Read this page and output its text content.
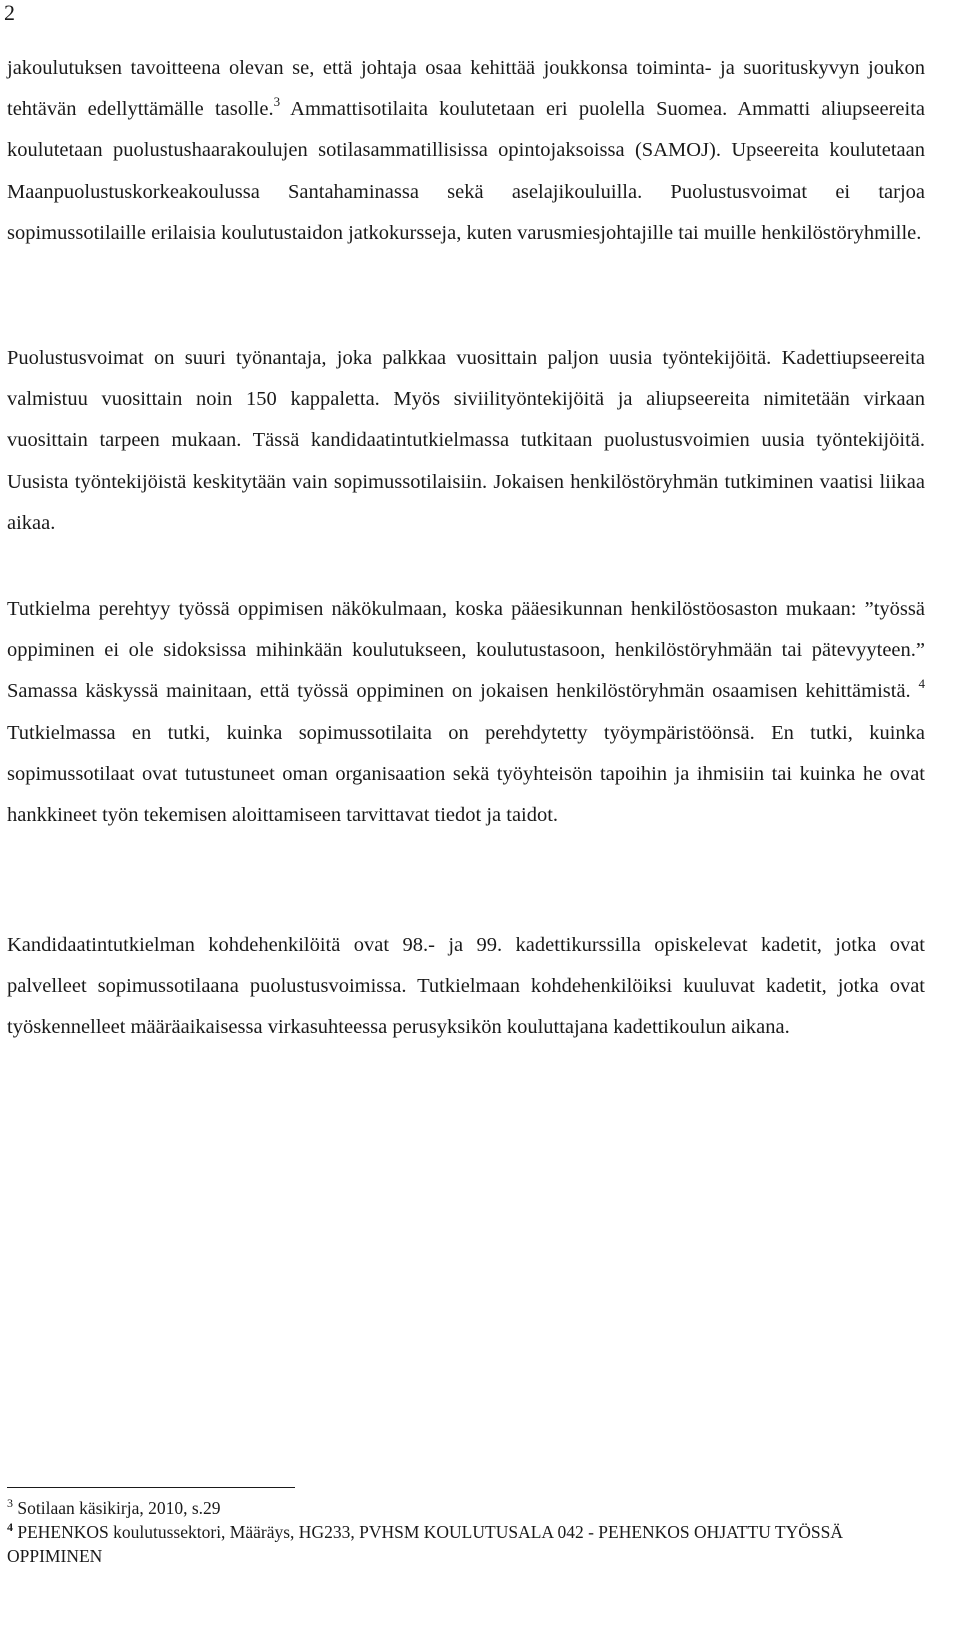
2

jakoulutuksen tavoitteena olevan se, että johtaja osaa kehittää joukkonsa toiminta- ja suorituskyvyn joukon tehtävän edellyttämälle tasolle.$^3$ Ammattisotilaita koulutetaan eri puolella Suomea. Ammatti aliupseereita koulutetaan puolustushaarakoulujen sotilasammatillisissa opintojaksoissa (SAMOJ). Upseereita koulutetaan Maanpuolustuskorkeakoulussa Santahaminassa sekä aselajikouluilla. Puolustusvoimat ei tarjoa sopimussotilaille erilaisia koulutustaidon jatkokursseja, kuten varusmiesjohtajille tai muille henkilöstöryhmille.

Puolustusvoimat on suuri työnantaja, joka palkkaa vuosittain paljon uusia työntekijöitä. Kadettiupseereita valmistuu vuosittain noin 150 kappaletta. Myös siviilityöntekijöitä ja aliupseereita nimitetään virkaan vuosittain tarpeen mukaan. Tässä kandidaatintutkielmassa tutkitaan puolustusvoimien uusia työntekijöitä. Uusista työntekijöistä keskitytään vain sopimussotilaisiin. Jokaisen henkilöstöryhmän tutkiminen vaatisi liikaa aikaa.

Tutkielma perehtyy työssä oppimisen näkökulmaan, koska pääesikunnan henkilöstöosaston mukaan: ”työssä oppiminen ei ole sidoksissa mihinkään koulutukseen, koulutustasoon, henkilöstöryhmään tai pätevyyteen.” Samassa käskyssä mainitaan, että työssä oppiminen on jokaisen henkilöstöryhmän osaamisen kehittämistä. $^4$ Tutkielmassa en tutki, kuinka sopimussotilaita on perehdytetty työympäristöönsä. En tutki, kuinka sopimussotilaat ovat tutustuneet oman organisaation sekä työyhteisön tapoihin ja ihmisiin tai kuinka he ovat hankkineet työn tekemisen aloittamiseen tarvittavat tiedot ja taidot.

Kandidaatintutkielman kohdehenkilöitä ovat 98.- ja 99. kadettikurssilla opiskelevat kadetit, jotka ovat palvelleet sopimussotilaana puolustusvoimissa. Tutkielmaan kohdehenkilöiksi kuuluvat kadetit, jotka ovat työskennelleet määräaikaisessa virkasuhteessa perusyksikön kouluttajana kadettikoulun aikana.

$^3$ Sotilaan käsikirja, 2010, s.29

$^4$ PEHENKOS koulutussektori, Määräys, HG233, PVHSM KOULUTUSALA 042 - PEHENKOS OHJATTU TYÖSSÄ OPPIMINEN
